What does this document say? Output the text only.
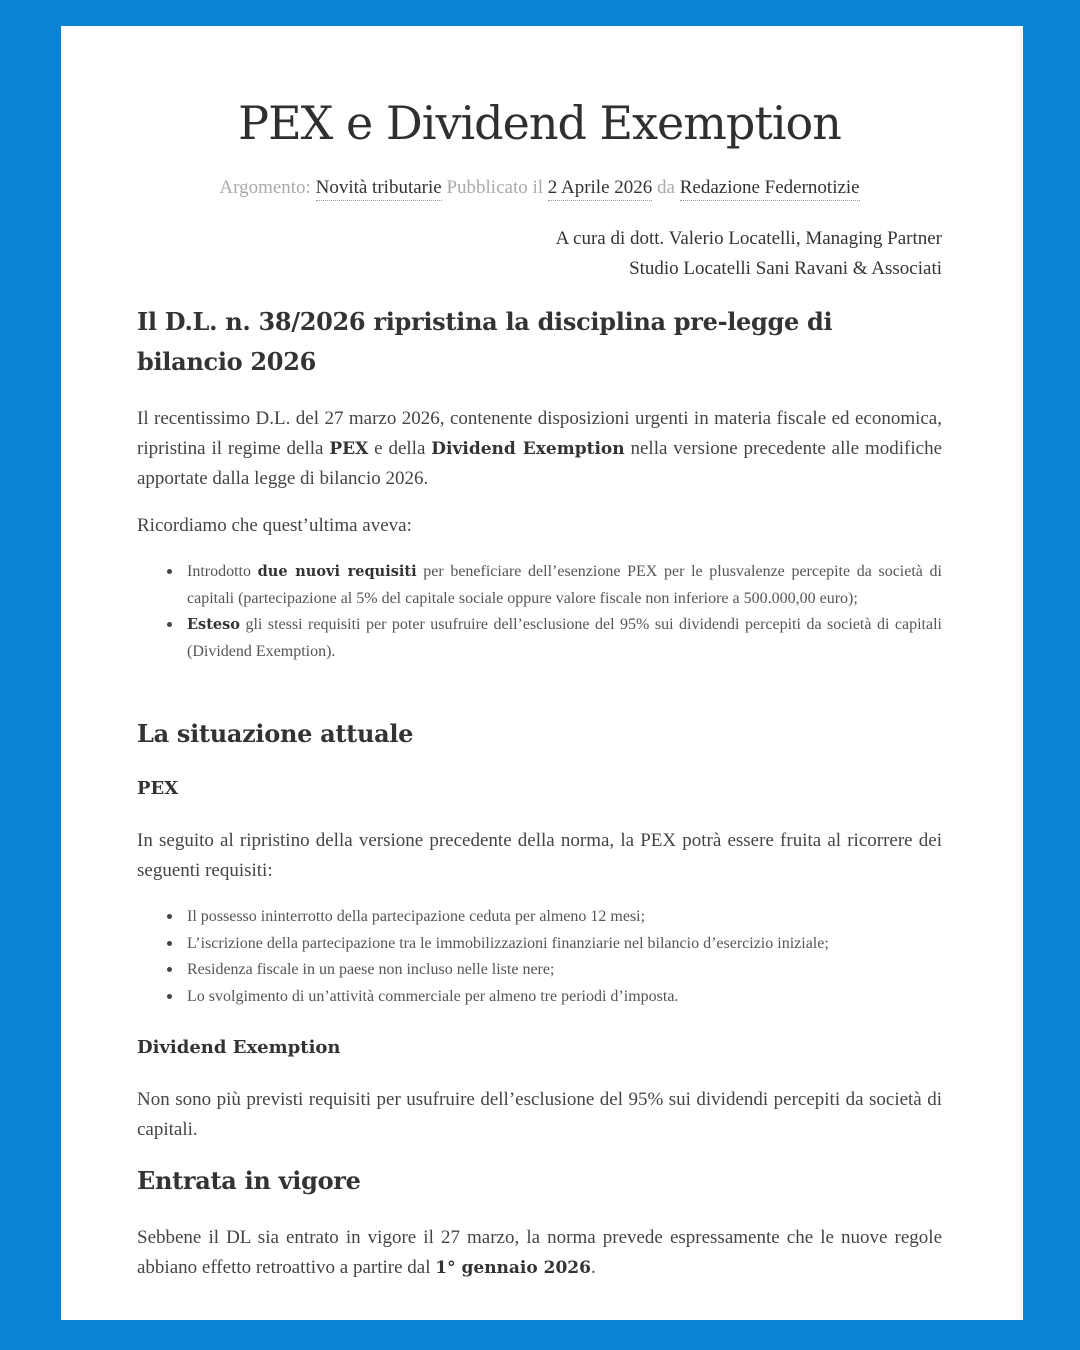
PEX e Dividend Exemption
Argomento: Novità tributarie Pubblicato il 2 Aprile 2026 da Redazione Federnotizie
A cura di dott. Valerio Locatelli, Managing Partner
Studio Locatelli Sani Ravani & Associati
Il D.L. n. 38/2026 ripristina la disciplina pre-legge di bilancio 2026

Il recentissimo D.L. del 27 marzo 2026, contenente disposizioni urgenti in materia fiscale ed economica, ripristina il regime della PEX e della Dividend Exemption nella versione precedente alle modifiche apportate dalla legge di bilancio 2026.

Ricordiamo che quest’ultima aveva:

Introdotto due nuovi requisiti per beneficiare dell’esenzione PEX per le plusvalenze percepite da società di capitali (partecipazione al 5% del capitale sociale oppure valore fiscale non inferiore a 500.000,00 euro);
Esteso gli stessi requisiti per poter usufruire dell’esclusione del 95% sui dividendi percepiti da società di capitali (Dividend Exemption).
La situazione attuale
PEX

In seguito al ripristino della versione precedente della norma, la PEX potrà essere fruita al ricorrere dei seguenti requisiti:

Il possesso ininterrotto della partecipazione ceduta per almeno 12 mesi;
L’iscrizione della partecipazione tra le immobilizzazioni finanziarie nel bilancio d’esercizio iniziale;
Residenza fiscale in un paese non incluso nelle liste nere;
Lo svolgimento di un’attività commerciale per almeno tre periodi d’imposta.
Dividend Exemption

Non sono più previsti requisiti per usufruire dell’esclusione del 95% sui dividendi percepiti da società di capitali.

Entrata in vigore

Sebbene il DL sia entrato in vigore il 27 marzo, la norma prevede espressamente che le nuove regole abbiano effetto retroattivo a partire dal 1° gennaio 2026.
